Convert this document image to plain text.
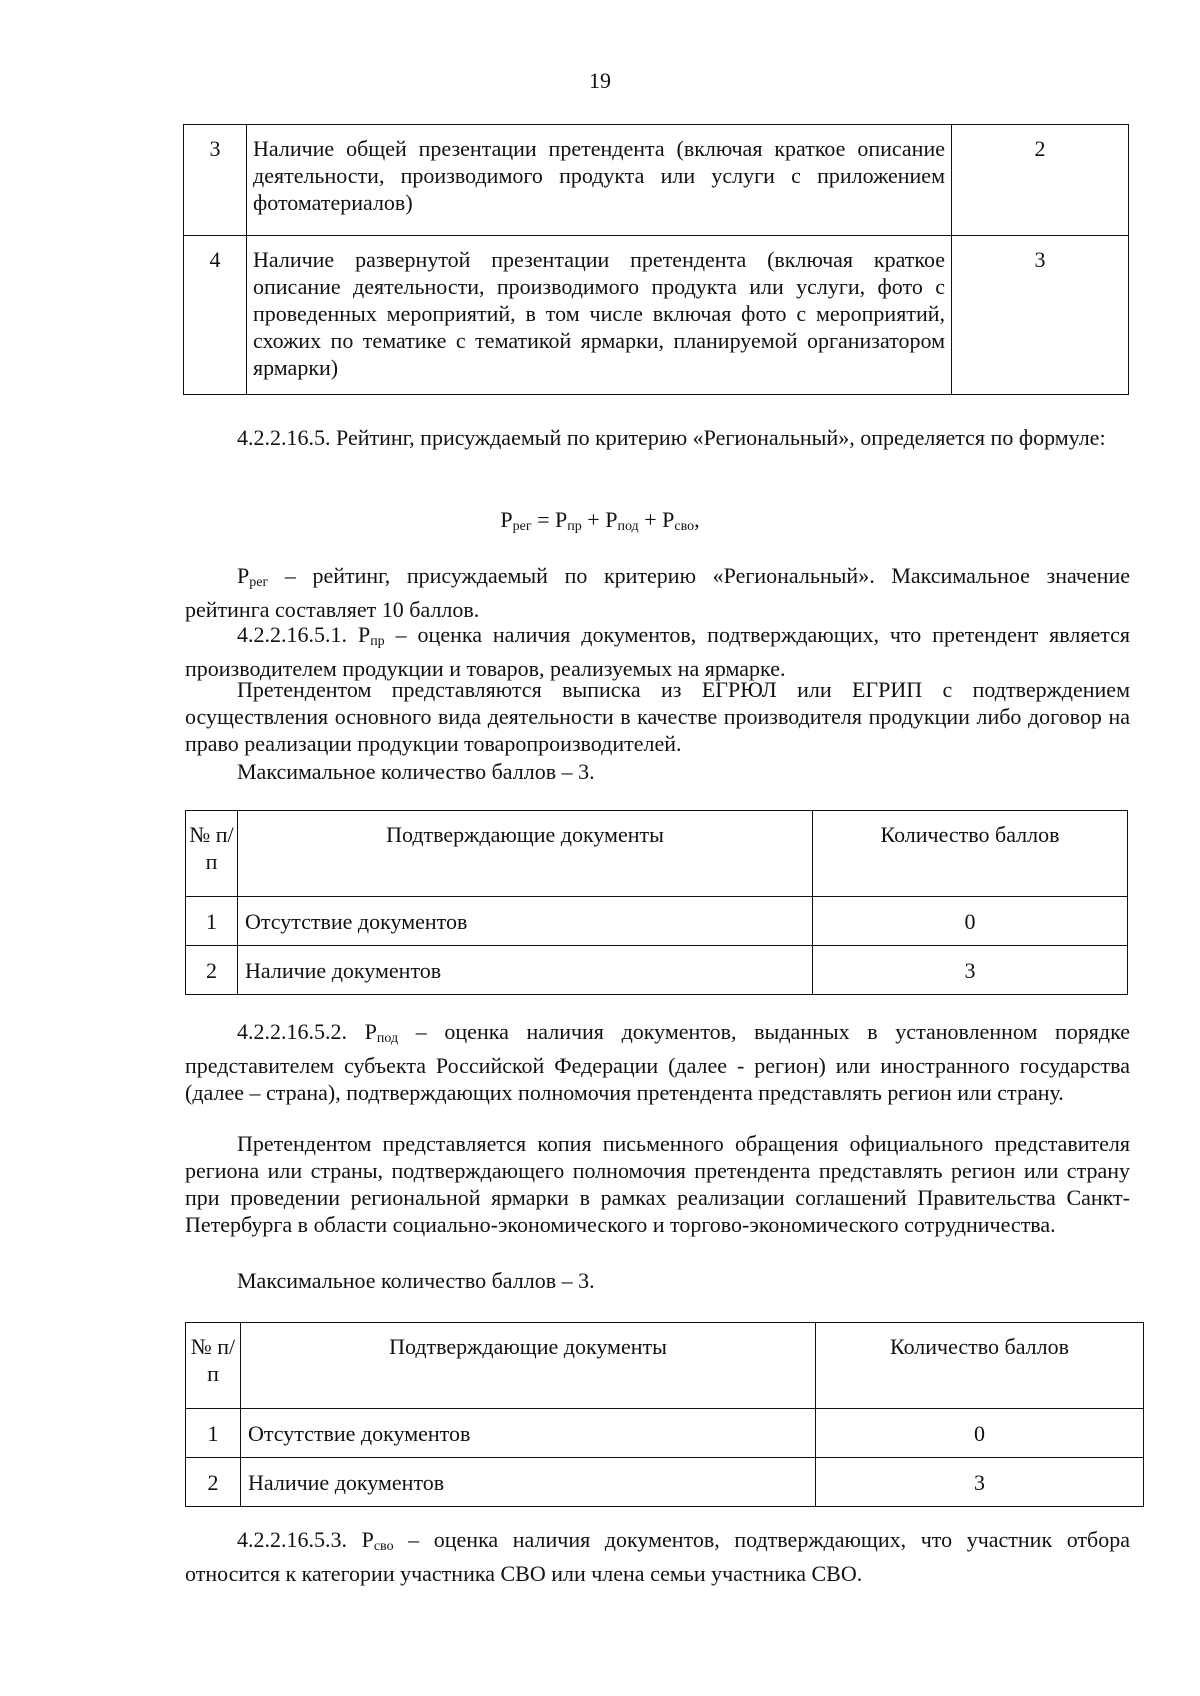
19
3	Наличие общей презентации претендента (включая краткое описание деятельности, производимого продукта или услуги с приложением фотоматериалов)	2
4	Наличие развернутой презентации претендента (включая краткое описание деятельности, производимого продукта или услуги, фото с проведенных мероприятий, в том числе включая фото с мероприятий, схожих по тематике с тематикой ярмарки, планируемой организатором ярмарки)	3

4.2.2.16.5. Рейтинг, присуждаемый по критерию «Региональный», определяется по формуле:

$Р_{рег} = Р_{пр} + Р_{под} + Р_{сво}$,

$Р_{рег}$ – рейтинг, присуждаемый по критерию «Региональный». Максимальное значение рейтинга составляет 10 баллов.

4.2.2.16.5.1. $Р_{пр}$ – оценка наличия документов, подтверждающих, что претендент является производителем продукции и товаров, реализуемых на ярмарке.

Претендентом представляются выписка из ЕГРЮЛ или ЕГРИП с подтверждением осуществления основного вида деятельности в качестве производителя продукции либо договор на право реализации продукции товаропроизводителей.

Максимальное количество баллов – 3.

№ п/п	Подтверждающие документы	Количество баллов
1	Отсутствие документов	0
2	Наличие документов	3

4.2.2.16.5.2. $Р_{под}$ – оценка наличия документов, выданных в установленном порядке представителем субъекта Российской Федерации (далее - регион) или иностранного государства (далее – страна), подтверждающих полномочия претендента представлять регион или страну.

Претендентом представляется копия письменного обращения официального представителя региона или страны, подтверждающего полномочия претендента представлять регион или страну при проведении региональной ярмарки в рамках реализации соглашений Правительства Санкт-Петербурга в области социально-экономического и торгово-экономического сотрудничества.

Максимальное количество баллов – 3.

№ п/п	Подтверждающие документы	Количество баллов
1	Отсутствие документов	0
2	Наличие документов	3

4.2.2.16.5.3. $Р_{сво}$ – оценка наличия документов, подтверждающих, что участник отбора относится к категории участника СВО или члена семьи участника СВО.
